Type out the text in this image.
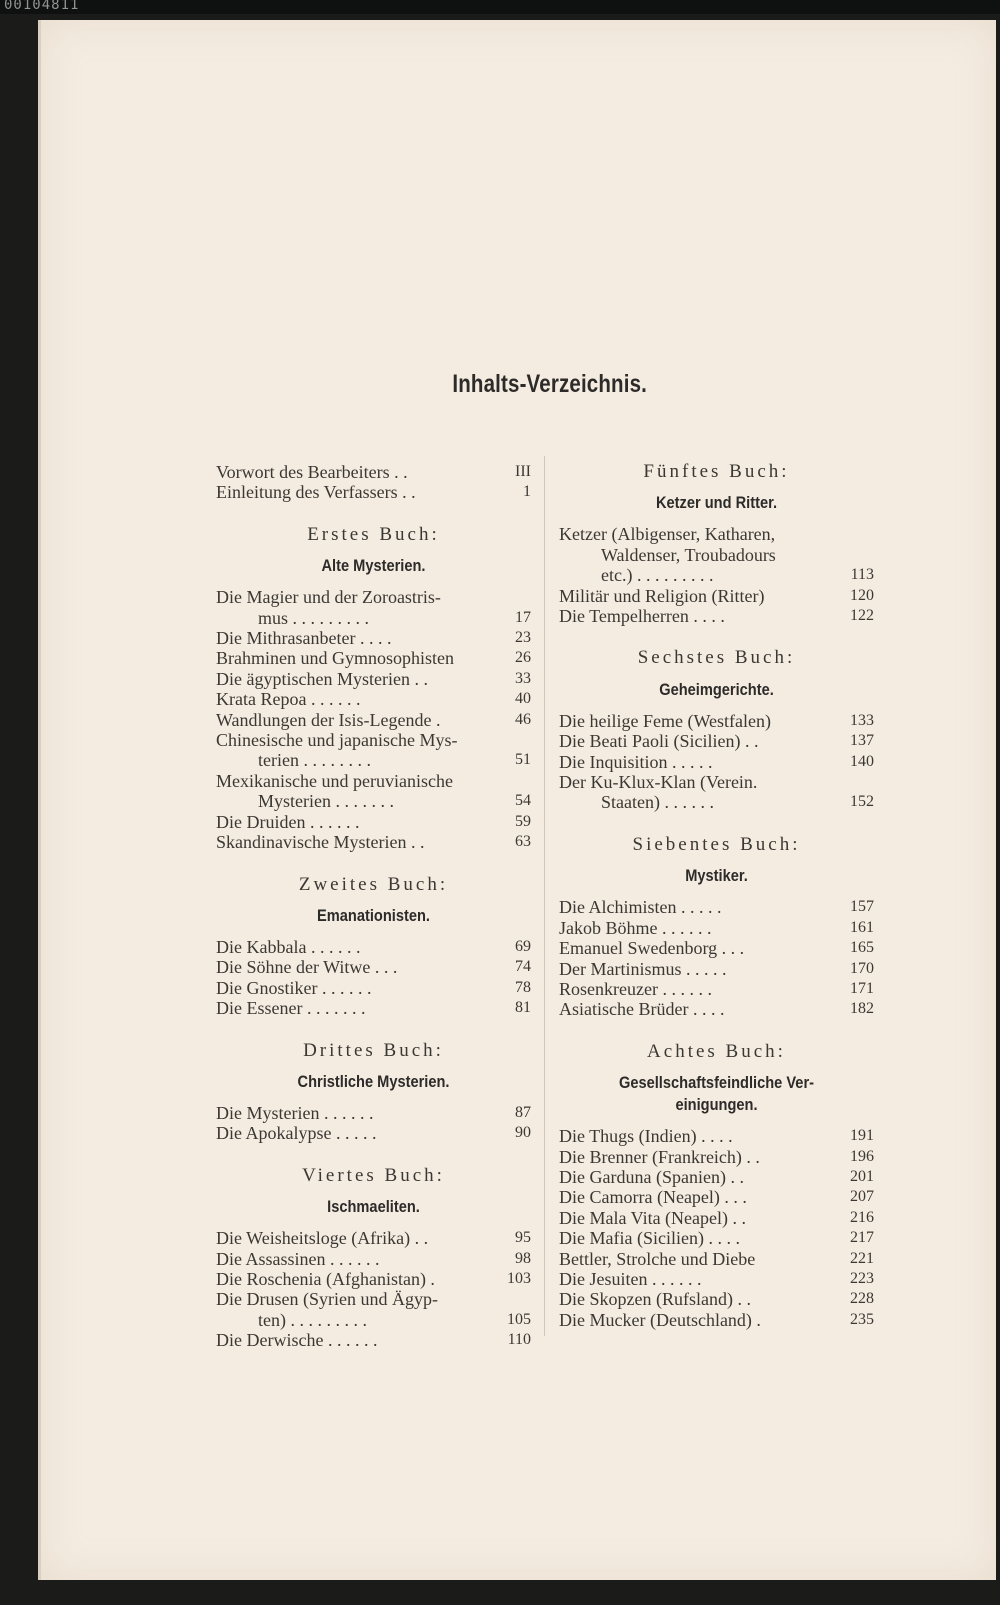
00104811
Inhalts-Verzeichnis.
Vorwort des Bearbeiters . .	III
Einleitung des Verfassers . .	1
Erstes Buch:
Alte Mysterien.
Die Magier und der Zoroastris-
mus . . . . . . . . .	17
Die Mithrasanbeter . . . .	23
Brahminen und Gymnosophisten	26
Die ägyptischen Mysterien . .	33
Krata Repoa . . . . . .	40
Wandlungen der Isis-Legende .	46
Chinesische und japanische Mys-
terien . . . . . . . .	51
Mexikanische und peruvianische
Mysterien . . . . . . .	54
Die Druiden . . . . . .	59
Skandinavische Mysterien . .	63
Zweites Buch:
Emanationisten.
Die Kabbala . . . . . .	69
Die Söhne der Witwe . . .	74
Die Gnostiker . . . . . .	78
Die Essener . . . . . . .	81
Drittes Buch:
Christliche Mysterien.
Die Mysterien . . . . . .	87
Die Apokalypse . . . . .	90
Viertes Buch:
Ischmaeliten.
Die Weisheitsloge (Afrika) . .	95
Die Assassinen . . . . . .	98
Die Roschenia (Afghanistan) .	103
Die Drusen (Syrien und Ägyp-
ten) . . . . . . . . .	105
Die Derwische . . . . . .	110
Fünftes Buch:
Ketzer und Ritter.
Ketzer (Albigenser, Katharen,
Waldenser, Troubadours
etc.) . . . . . . . . .	113
Militär und Religion (Ritter)	120
Die Tempelherren . . . .	122
Sechstes Buch:
Geheimgerichte.
Die heilige Feme (Westfalen)	133
Die Beati Paoli (Sicilien) . .	137
Die Inquisition . . . . .	140
Der Ku-Klux-Klan (Verein.
Staaten) . . . . . .	152
Siebentes Buch:
Mystiker.
Die Alchimisten . . . . .	157
Jakob Böhme . . . . . .	161
Emanuel Swedenborg . . .	165
Der Martinismus . . . . .	170
Rosenkreuzer . . . . . .	171
Asiatische Brüder . . . .	182
Achtes Buch:
Gesellschaftsfeindliche Ver-
einigungen.
Die Thugs (Indien) . . . .	191
Die Brenner (Frankreich) . .	196
Die Garduna (Spanien) . .	201
Die Camorra (Neapel) . . .	207
Die Mala Vita (Neapel) . .	216
Die Mafia (Sicilien) . . . .	217
Bettler, Strolche und Diebe	221
Die Jesuiten . . . . . .	223
Die Skopzen (Rufsland) . .	228
Die Mucker (Deutschland) .	235
